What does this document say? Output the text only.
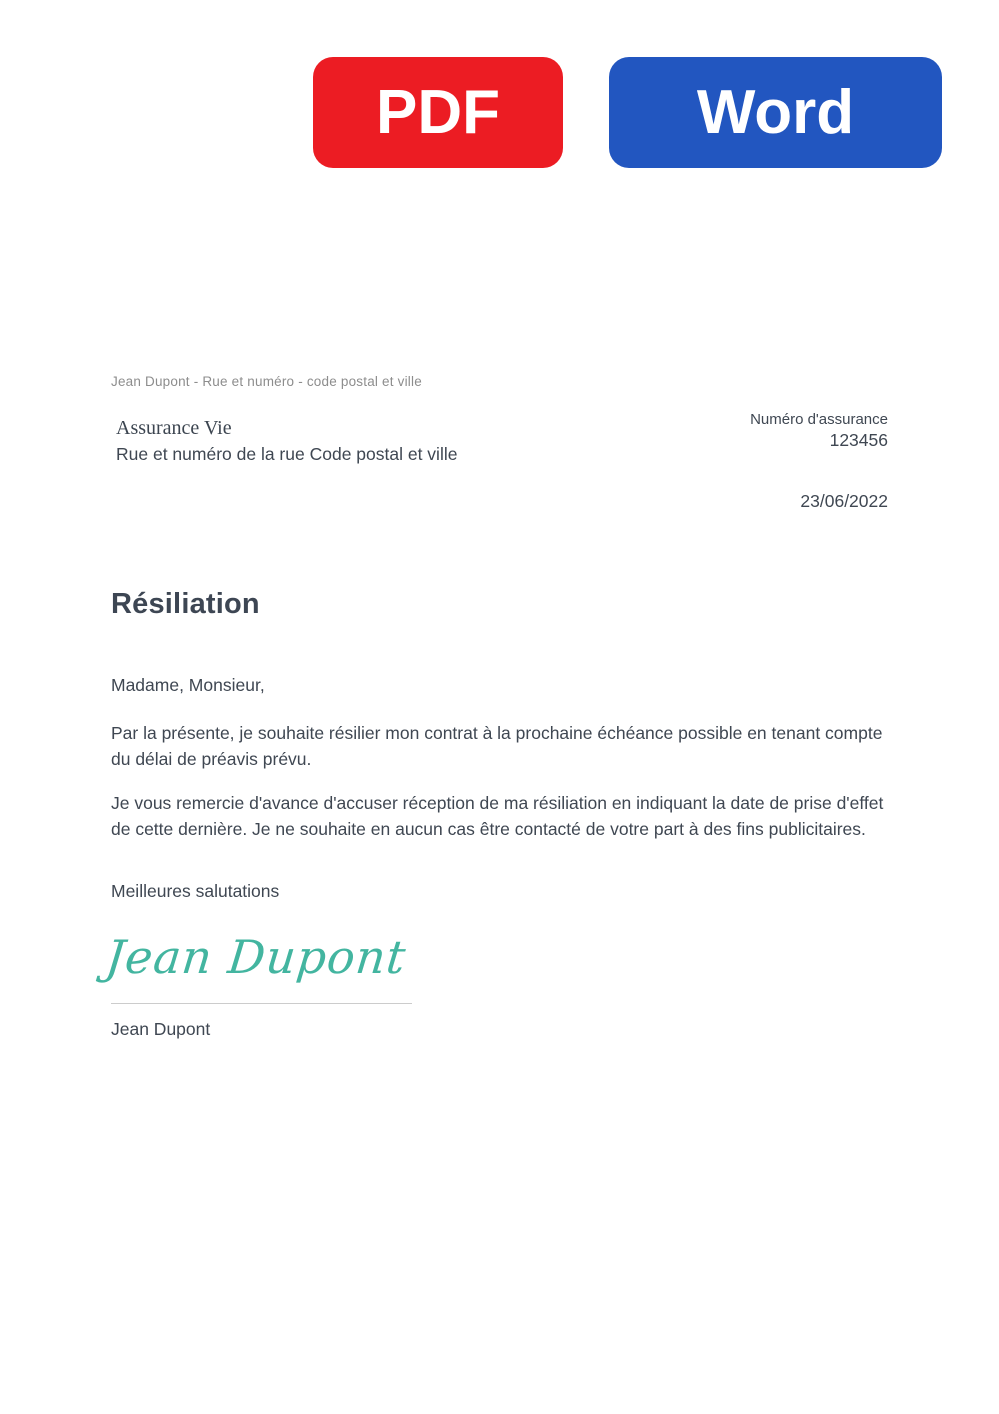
PDF	Word
Jean Dupont - Rue et numéro - code postal et ville
Assurance Vie
Rue et numéro de la rue Code postal et ville
Numéro d'assurance
123456
23/06/2022
Résiliation
Madame, Monsieur,

Par la présente, je souhaite résilier mon contrat à la prochaine échéance possible en tenant compte du délai de préavis prévu.

Je vous remercie d'avance d'accuser réception de ma résiliation en indiquant la date de prise d'effet de cette dernière. Je ne souhaite en aucun cas être contacté de votre part à des fins publicitaires.

Meilleures salutations
Jean Dupont
Jean Dupont
